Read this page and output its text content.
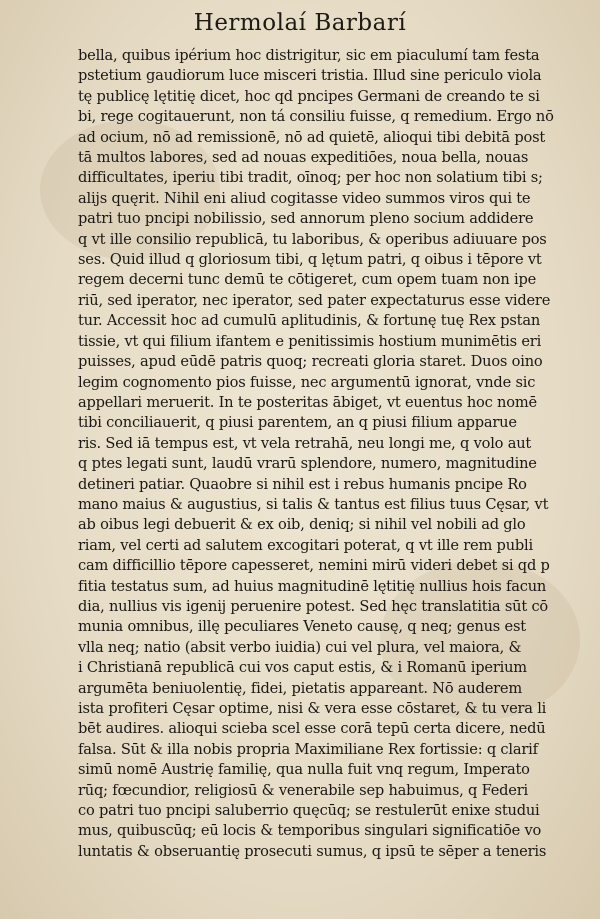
Hermolaí Barbarí
bella, quibus ipérium hoc distrigitur, sic em piaculumí tam festa
pstetium gaudiorum luce misceri tristia. Illud sine periculo viola
tę publicę lętitię dicet, hoc qd pncipes Germani de creando te si
bi, rege cogitauerunt, non tá consiliu fuisse, q remedium. Ergo nō
ad ocium, nō ad remissionē, nō ad quietē, alioqui tibi debitā post
tā multos labores, sed ad nouas expeditiōes, noua bella, nouas
difficultates, iperiu tibi tradit, oīnoq; per hoc non solatium tibi s;
alijs quęrit. Nihil eni aliud cogitasse video summos viros qui te
patri tuo pncipi nobilissio, sed annorum pleno socium addidere
q vt ille consilio republicā, tu laboribus, & operibus adiuuare pos
ses. Quid illud q gloriosum tibi, q lętum patri, q oibus i tēpore vt
regem decerni tunc demū te cōtigeret, cum opem tuam non ipe
riū, sed iperator, nec iperator, sed pater expectaturus esse videre
tur. Accessit hoc ad cumulū aplitudinis, & fortunę tuę Rex pstan
tissie, vt qui filium ifantem e penitissimis hostium munimētis eri
puisses, apud eūdē patris quoq; recreati gloria staret. Duos oino
legim cognomento pios fuisse, nec argumentū ignorat, vnde sic
appellari meruerit. In te posteritas ābiget, vt euentus hoc nomē
tibi conciliauerit, q piusi parentem, an q piusi filium apparue
ris. Sed iā tempus est, vt vela retrahā, neu longi me, q volo aut
q ptes legati sunt, laudū vrarū splendore, numero, magnitudine
detineri patiar. Quaobre si nihil est i rebus humanis pncipe Ro
mano maius & augustius, si talis & tantus est filius tuus Cęsar, vt
ab oibus legi debuerit & ex oib, deniq; si nihil vel nobili ad glo
riam, vel certi ad salutem excogitari poterat, q vt ille rem publi
cam difficillio tēpore capesseret, nemini mirū videri debet si qd p
fitia testatus sum, ad huius magnitudinē lętitię nullius hois facun
dia, nullius vis igenij peruenire potest. Sed hęc translatitia sūt cō
munia omnibus, illę peculiares Veneto causę, q neq; genus est
vlla neq; natio (absit verbo iuidia) cui vel plura, vel maiora, &
i Christianā republicā cui vos caput estis, & i Romanū iperium
argumēta beniuolentię, fidei, pietatis appareant. Nō auderem
ista profiteri Cęsar optime, nisi & vera esse cōstaret, & tu vera li
bēt audires. alioqui scieba scel esse corā tepū certa dicere, nedū
falsa. Sūt & illa nobis propria Maximiliane Rex fortissie: q clarif
simū nomē Austrię familię, qua nulla fuit vnq regum, Imperato
rūq; fœcundior, religiosū & venerabile sep habuimus, q Federi
co patri tuo pncipi saluberrio quęcūq; se restulerūt enixe studui
mus, quibuscūq; eū locis & temporibus singulari significatiōe vo
luntatis & obseruantię prosecuti sumus, q ipsū te sēper a teneris
